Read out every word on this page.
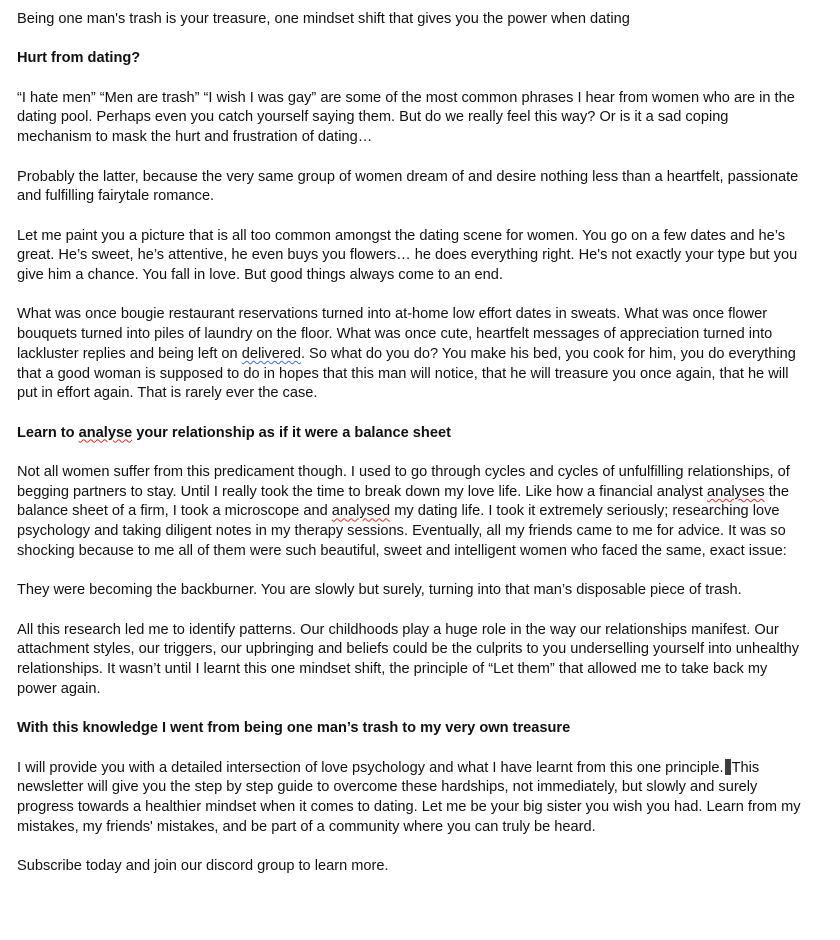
Being one man's trash is your treasure, one mindset shift that gives you the power when dating

Hurt from dating?

“I hate men” “Men are trash” “I wish I was gay” are some of the most common phrases I hear from women who are in the dating pool. Perhaps even you catch yourself saying them. But do we really feel this way? Or is it a sad coping mechanism to mask the hurt and frustration of dating…

Probably the latter, because the very same group of women dream of and desire nothing less than a heartfelt, passionate and fulfilling fairytale romance.

Let me paint you a picture that is all too common amongst the dating scene for women. You go on a few dates and he’s great. He’s sweet, he’s attentive, he even buys you flowers… he does everything right. He's not exactly your type but you give him a chance. You fall in love. But good things always come to an end.

What was once bougie restaurant reservations turned into at-home low effort dates in sweats. What was once flower bouquets turned into piles of laundry on the floor. What was once cute, heartfelt messages of appreciation turned into lackluster replies and being left on delivered. So what do you do? You make his bed, you cook for him, you do everything that a good woman is supposed to do in hopes that this man will notice, that he will treasure you once again, that he will put in effort again. That is rarely ever the case.

Learn to analyse your relationship as if it were a balance sheet

Not all women suffer from this predicament though. I used to go through cycles and cycles of unfulfilling relationships, of begging partners to stay. Until I really took the time to break down my love life. Like how a financial analyst analyses the balance sheet of a firm, I took a microscope and analysed my dating life. I took it extremely seriously; researching love psychology and taking diligent notes in my therapy sessions. Eventually, all my friends came to me for advice. It was so shocking because to me all of them were such beautiful, sweet and intelligent women who faced the same, exact issue:

They were becoming the backburner. You are slowly but surely, turning into that man’s disposable piece of trash.

All this research led me to identify patterns. Our childhoods play a huge role in the way our relationships manifest. Our attachment styles, our triggers, our upbringing and beliefs could be the culprits to you underselling yourself into unhealthy relationships. It wasn’t until I learnt this one mindset shift, the principle of “Let them” that allowed me to take back my power again.

With this knowledge I went from being one man’s trash to my very own treasure

I will provide you with a detailed intersection of love psychology and what I have learnt from this one principle. This newsletter will give you the step by step guide to overcome these hardships, not immediately, but slowly and surely progress towards a healthier mindset when it comes to dating. Let me be your big sister you wish you had. Learn from my mistakes, my friends' mistakes, and be part of a community where you can truly be heard.

Subscribe today and join our discord group to learn more.
